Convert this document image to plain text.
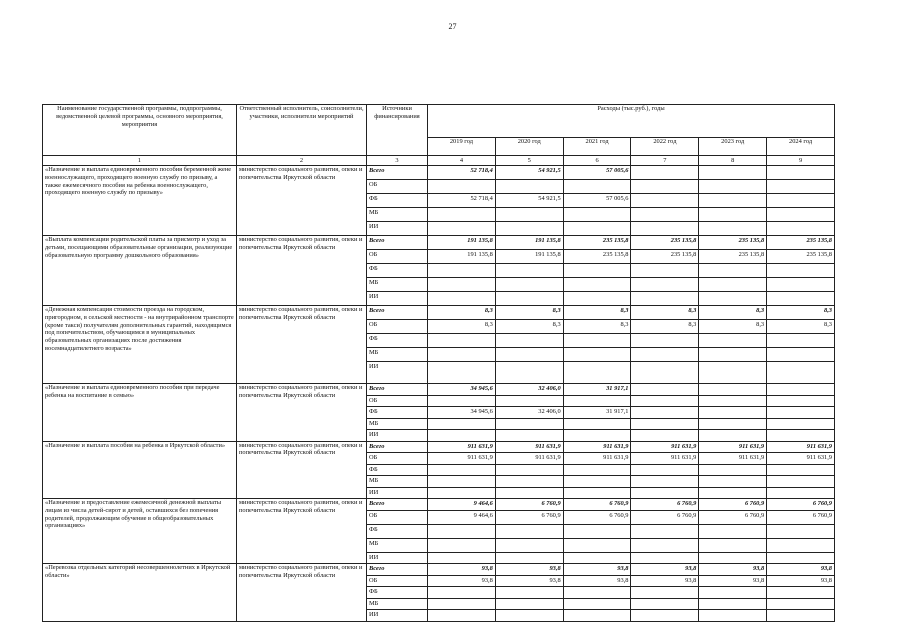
27
Наименование государственной программы, подпрограммы, ведомственной целевой программы, основного мероприятия, мероприятия	Ответственный исполнитель, соисполнители, участники, исполнители мероприятий	Источники финансирования	Расходы (тыс.руб.), годы					
			2019 год	2020 год	2021 год	2022 год	2023 год	2024 год
1	2	3	4	5	6	7	8	9
«Назначение и выплата единовременного пособия беременной жене военнослужащего, проходящего военную службу по призыву, а также ежемесячного пособия на ребенка военнослужащего, проходящего военную службу по призыву»	министерство социального развития, опеки и попечительства Иркутской области	Всего	52 718,4	54 921,5	57 005,6			
		ОБ						
		ФБ	52 718,4	54 921,5	57 005,6			
		МБ						
		ИИ						
«Выплата компенсации родительской платы за присмотр и уход за детьми, посещающими образовательные организации, реализующие образовательную программу дошкольного образования»	министерство социального развития, опеки и попечительства Иркутской области	Всего	191 135,8	191 135,8	235 135,8	235 135,8	235 135,8	235 135,8
		ОБ	191 135,8	191 135,8	235 135,8	235 135,8	235 135,8	235 135,8
		ФБ						
		МБ						
		ИИ						
«Денежная компенсация стоимости проезда на городском, пригородном, в сельской местности - на внутрирайонном транспорте (кроме такси) получателям дополнительных гарантий, находящимся под попечительством, обучающимся в муниципальных образовательных организациях после достижения восемнадцатилетнего возраста»	министерство социального развития, опеки и попечительства Иркутской области	Всего	8,3	8,3	8,3	8,3	8,3	8,3
		ОБ	8,3	8,3	8,3	8,3	8,3	8,3
		ФБ						
		МБ						
		ИИ						
«Назначение и выплата единовременного пособия при передаче ребенка на воспитание в семью»	министерство социального развития, опеки и попечительства Иркутской области	Всего	34 945,6	32 406,0	31 917,1			
		ОБ						
		ФБ	34 945,6	32 406,0	31 917,1			
		МБ						
		ИИ						
«Назначение и выплата пособия на ребенка в Иркутской области»	министерство социального развития, опеки и попечительства Иркутской области	Всего	911 631,9	911 631,9	911 631,9	911 631,9	911 631,9	911 631,9
		ОБ	911 631,9	911 631,9	911 631,9	911 631,9	911 631,9	911 631,9
		ФБ						
		МБ						
		ИИ						
«Назначение и предоставление ежемесячной денежной выплаты лицам из числа детей-сирот и детей, оставшихся без попечения родителей, продолжающим обучение в общеобразовательных организациях»	министерство социального развития, опеки и попечительства Иркутской области	Всего	9 464,6	6 760,9	6 760,9	6 760,9	6 760,9	6 760,9
		ОБ	9 464,6	6 760,9	6 760,9	6 760,9	6 760,9	6 760,9
		ФБ						
		МБ						
		ИИ						
«Перевозка отдельных категорий несовершеннолетних в Иркутской области»	министерство социального развития, опеки и попечительства Иркутской области	Всего	93,8	93,8	93,8	93,8	93,8	93,8
		ОБ	93,8	93,8	93,8	93,8	93,8	93,8
		ФБ						
		МБ						
		ИИ						
